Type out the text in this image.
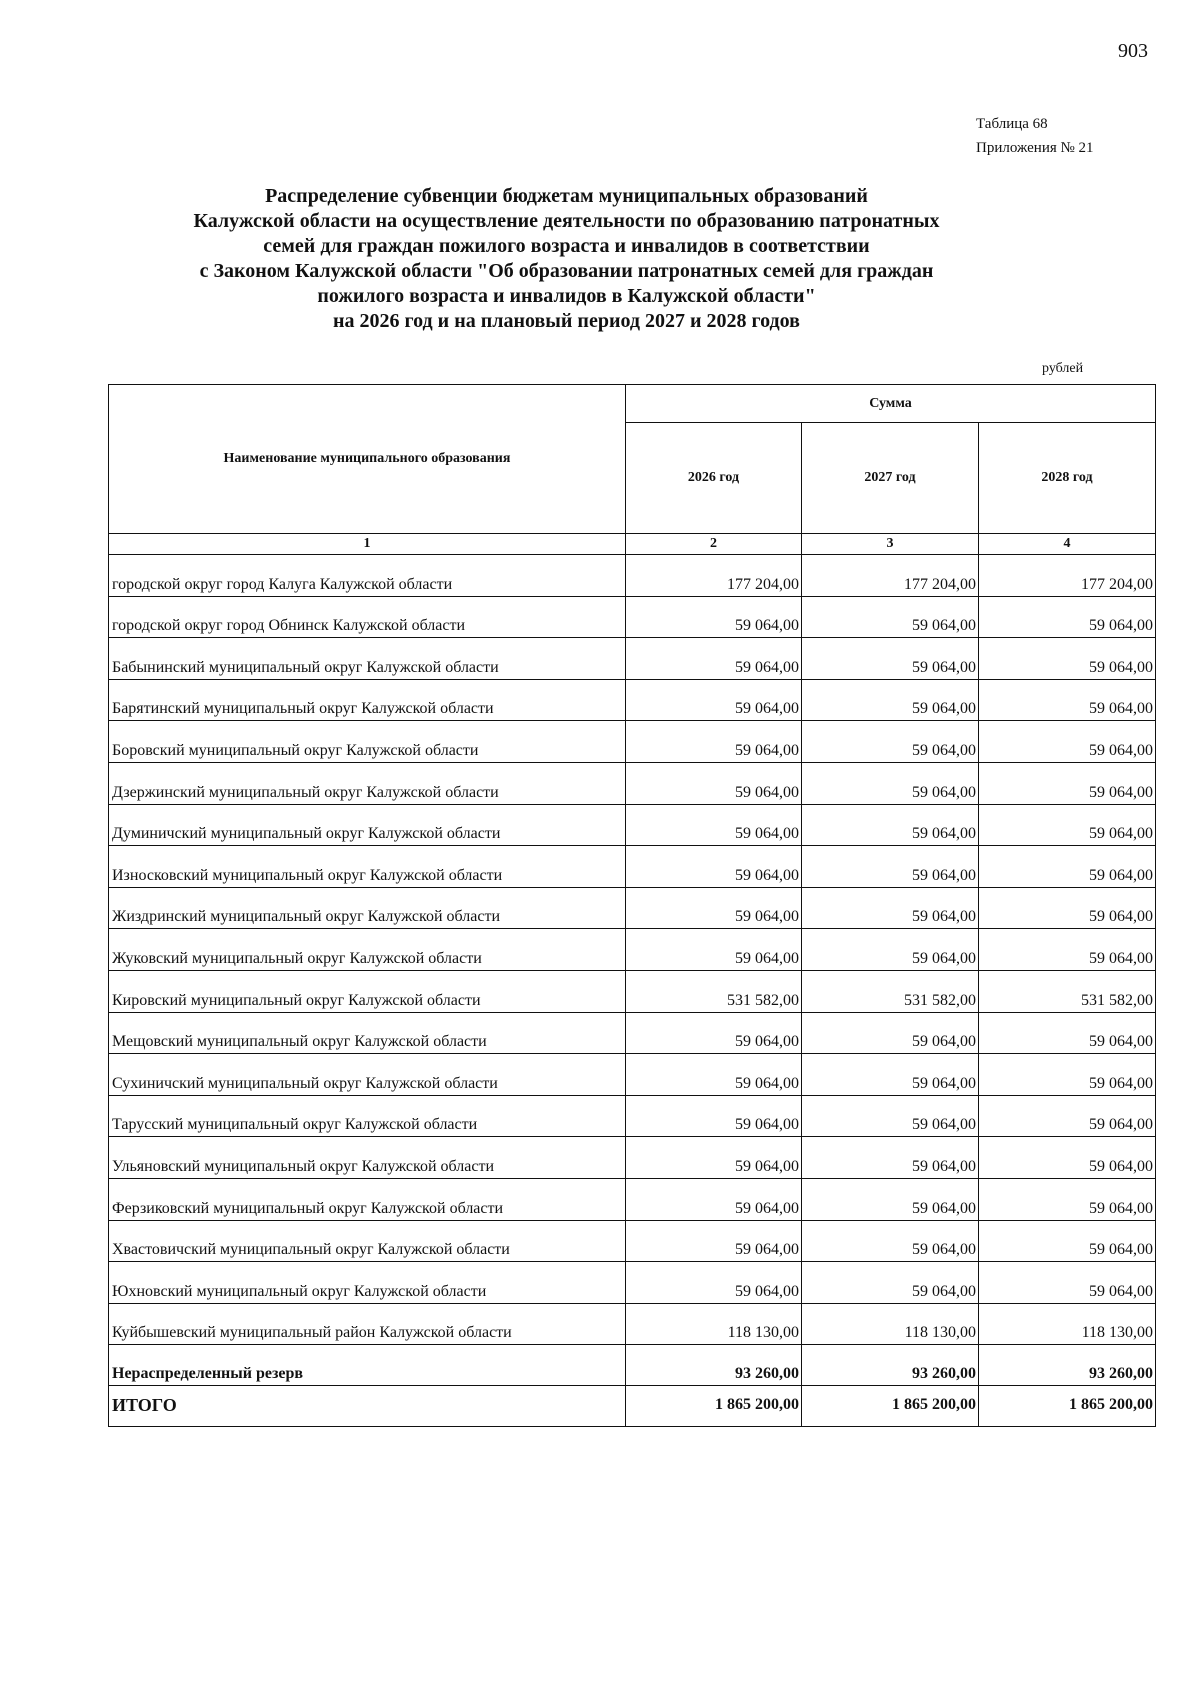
903
Таблица 68
Приложения № 21
Распределение субвенции бюджетам муниципальных образований
Калужской области на осуществление деятельности по образованию патронатных
семей для граждан пожилого возраста и инвалидов в соответствии
с Законом Калужской области "Об образовании патронатных семей для граждан
пожилого возраста и инвалидов в Калужской области"
на 2026 год и на плановый период 2027 и 2028 годов
рублей
Наименование муниципального образования	Сумма		
	2026 год	2027 год	2028 год
1	2	3	4
городской округ город Калуга Калужской области	177 204,00	177 204,00	177 204,00
городской округ город Обнинск Калужской области	59 064,00	59 064,00	59 064,00
Бабынинский муниципальный округ Калужской области	59 064,00	59 064,00	59 064,00
Барятинский муниципальный округ Калужской области	59 064,00	59 064,00	59 064,00
Боровский муниципальный округ Калужской области	59 064,00	59 064,00	59 064,00
Дзержинский муниципальный округ Калужской области	59 064,00	59 064,00	59 064,00
Думиничский муниципальный округ Калужской области	59 064,00	59 064,00	59 064,00
Износковский муниципальный округ Калужской области	59 064,00	59 064,00	59 064,00
Жиздринский муниципальный округ Калужской области	59 064,00	59 064,00	59 064,00
Жуковский муниципальный округ Калужской области	59 064,00	59 064,00	59 064,00
Кировский муниципальный округ Калужской области	531 582,00	531 582,00	531 582,00
Мещовский муниципальный округ Калужской области	59 064,00	59 064,00	59 064,00
Сухиничский муниципальный округ Калужской области	59 064,00	59 064,00	59 064,00
Тарусский муниципальный округ Калужской области	59 064,00	59 064,00	59 064,00
Ульяновский муниципальный округ Калужской области	59 064,00	59 064,00	59 064,00
Ферзиковский муниципальный округ Калужской области	59 064,00	59 064,00	59 064,00
Хвастовичский муниципальный округ Калужской области	59 064,00	59 064,00	59 064,00
Юхновский муниципальный округ Калужской области	59 064,00	59 064,00	59 064,00
Куйбышевский муниципальный район Калужской области	118 130,00	118 130,00	118 130,00
Нераспределенный резерв	93 260,00	93 260,00	93 260,00
ИТОГО	1 865 200,00	1 865 200,00	1 865 200,00
